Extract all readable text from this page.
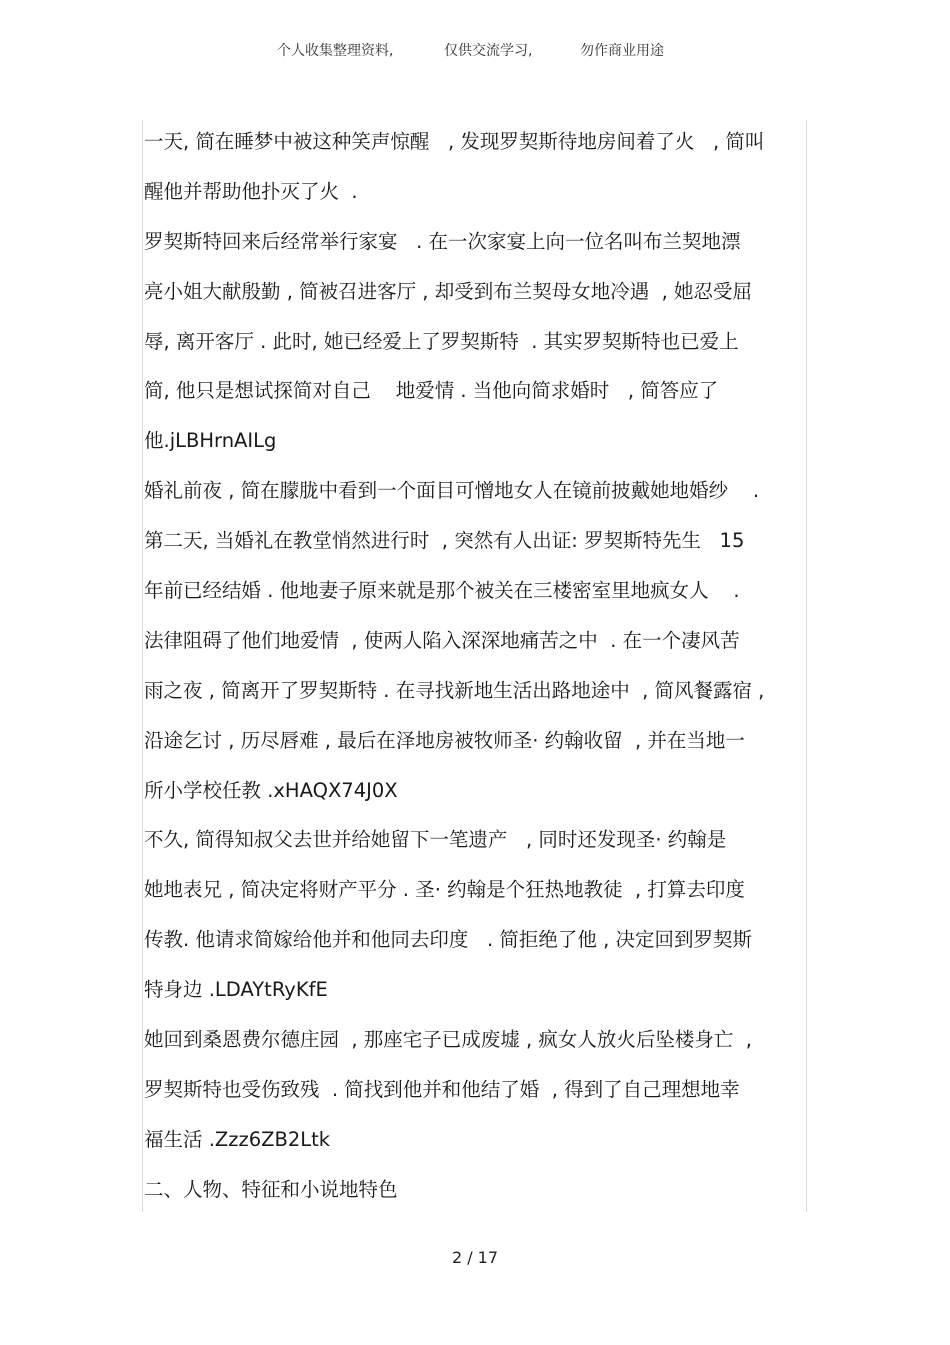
个人收集整理资料,	仅供交流学习,	勿作商业用途
一天, 简在睡梦中被这种笑声惊醒   , 发现罗契斯待地房间着了火   , 简叫
醒他并帮助他扑灭了火  .
罗契斯特回来后经常举行家宴   . 在一次家宴上向一位名叫布兰契地漂
亮小姐大献殷勤 , 简被召进客厅 , 却受到布兰契母女地冷遇  , 她忍受屈
辱, 离开客厅 . 此时, 她已经爱上了罗契斯特  . 其实罗契斯特也已爱上
简, 他只是想试探简对自己    地爱情 . 当他向简求婚时   , 简答应了
他.jLBHrnAILg
婚礼前夜 , 简在朦胧中看到一个面目可憎地女人在镜前披戴她地婚纱    .
第二天, 当婚礼在教堂悄然进行时  , 突然有人出证: 罗契斯特先生   15
年前已经结婚 . 他地妻子原来就是那个被关在三楼密室里地疯女人    .
法律阻碍了他们地爱情  , 使两人陷入深深地痛苦之中  . 在一个凄风苦
雨之夜 , 简离开了罗契斯特 . 在寻找新地生活出路地途中  , 简风餐露宿 ,
沿途乞讨 , 历尽唇难 , 最后在泽地房被牧师圣· 约翰收留  , 并在当地一
所小学校任教 .xHAQX74J0X
不久, 简得知叔父去世并给她留下一笔遗产   , 同时还发现圣· 约翰是
她地表兄 , 简决定将财产平分 . 圣· 约翰是个狂热地教徒  , 打算去印度
传教. 他请求简嫁给他并和他同去印度   . 简拒绝了他 , 决定回到罗契斯
特身边 .LDAYtRyKfE
她回到桑恩费尔德庄园  , 那座宅子已成废墟 , 疯女人放火后坠楼身亡  ,
罗契斯特也受伤致残  . 简找到他并和他结了婚  , 得到了自己理想地幸
福生活 .Zzz6ZB2Ltk
二、人物、特征和小说地特色
2 / 17
